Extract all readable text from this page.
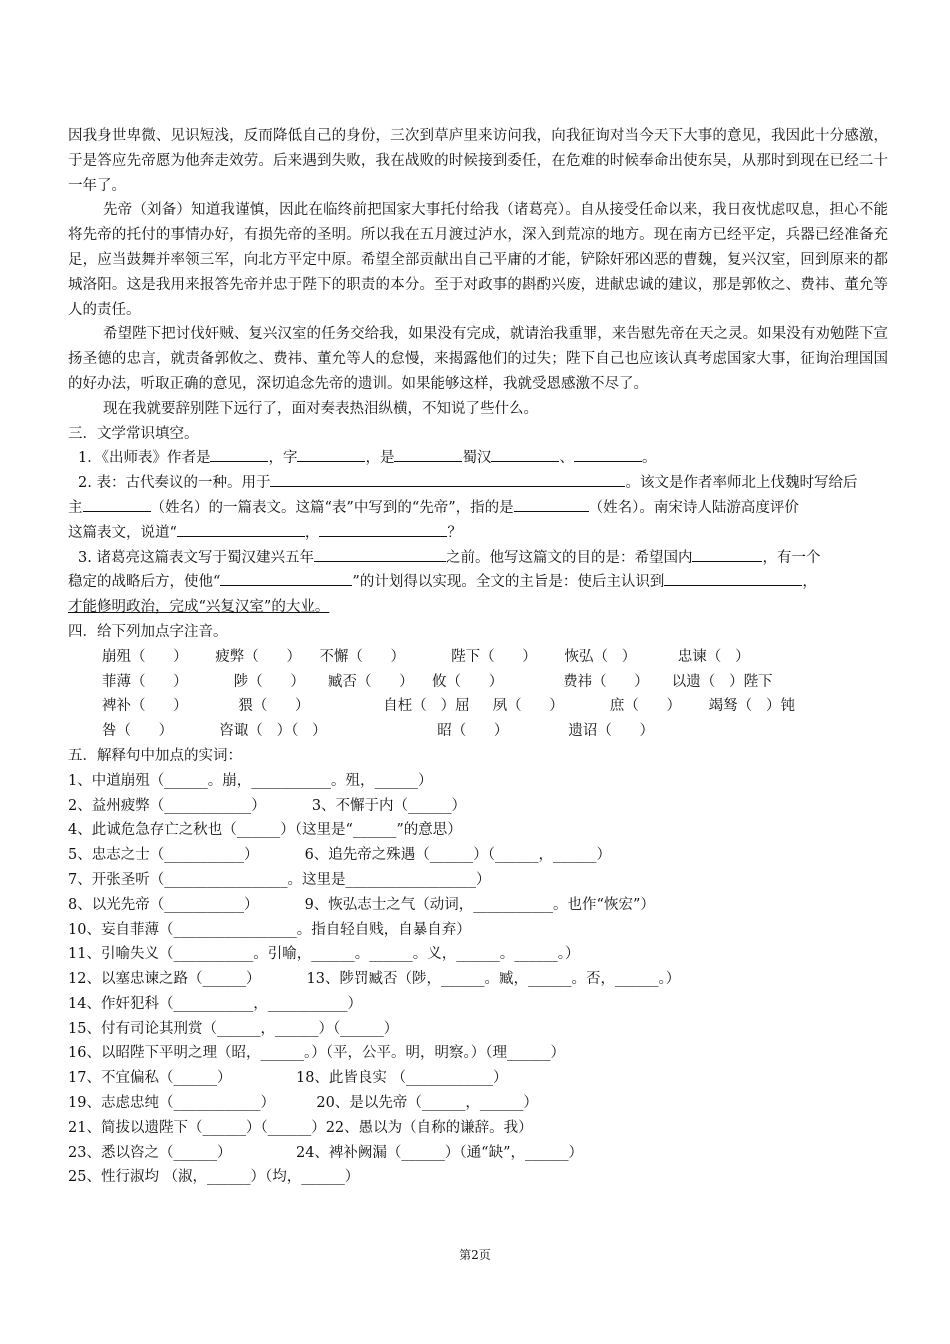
因我身世卑微、见识短浅，反而降低自己的身份，三次到草庐里来访问我，向我征询对当今天下大事的意见，我因此十分感激，于是答应先帝愿为他奔走效劳。后来遇到失败，我在战败的时候接到委任，在危难的时候奉命出使东吴，从那时到现在已经二十一年了。
先帝（刘备）知道我谨慎，因此在临终前把国家大事托付给我（诸葛亮）。自从接受任命以来，我日夜忧虑叹息，担心不能将先帝的托付的事情办好，有损先帝的圣明。所以我在五月渡过泸水，深入到荒凉的地方。现在南方已经平定，兵器已经准备充足，应当鼓舞并率领三军，向北方平定中原。希望全部贡献出自己平庸的才能，铲除奸邪凶恶的曹魏，复兴汉室，回到原来的都城洛阳。这是我用来报答先帝并忠于陛下的职责的本分。至于对政事的斟酌兴废，进献忠诚的建议，那是郭攸之、费祎、董允等人的责任。
希望陛下把讨伐奸贼、复兴汉室的任务交给我，如果没有完成，就请治我重罪，来告慰先帝在天之灵。如果没有劝勉陛下宣扬圣德的忠言，就责备郭攸之、费祎、董允等人的怠慢，来揭露他们的过失；陛下自己也应该认真考虑国家大事，征询治理国国的好办法，听取正确的意见，深切追念先帝的遗训。如果能够这样，我就受恩感激不尽了。
现在我就要辞别陛下远行了，面对奏表热泪纵横，不知说了些什么。
三．文学常识填空。
1．《出师表》作者是	，字	，是	蜀汉	、	。
2. 表：古代奏议的一种。用于	。该文是作者率师北上伐魏时写给后
主	（姓名）的一篇表文。这篇“表”中写到的“先帝”，指的是	（姓名）。南宋诗人陆游高度评价
这篇表文，说道“	，	？
3. 诸葛亮这篇表文写于蜀汉建兴五年	之前。他写这篇文的目的是：希望国内	，有一个
稳定的战略后方，使他“	”的计划得以实现。全文的主旨是：使后主认识到	，
才能修明政治，完成“兴复汉室”的大业。
四．给下列加点字注音。
崩殂（      ）      疲弊（      ）    不懈（      ）          陛下（      ）      恢弘（   ）         忠谏（   ）
菲薄（      ）          陟（      ）     臧否（      ）    攸（      ）             费祎（      ）     以遗（   ）陛下
裨补（      ）           猥（      ）                自枉（   ）屈     夙（      ）          庶（      ）      竭驽（   ）钝
咎（      ）          咨诹（   ）（   ）                        昭（      ）             遗诏（      ）
五．解释句中加点的实词：
1、中道崩殂（______。崩，___________。殂，______）
2、益州疲弊（____________）          3、不懈于内（______）
4、此诚危急存亡之秋也（______）（这里是“______”的意思）
5、忠志之士（___________）          6、追先帝之殊遇（______）（______，______）
7、开张圣听（_________________。这里是__________________）
8、以光先帝（___________）          9、恢弘志士之气（动词，___________。也作“恢宏”）
10、妄自菲薄（_________________。指自轻自贱，自暴自弃）
11、引喻失义（___________。引喻，______。______。义，______。______。）
12、以塞忠谏之路（______）          13、陟罚臧否（陟，______。臧，______。否，______。）
14、作奸犯科（___________，___________）
15、付有司论其刑赏（______，______）（______）
16、以昭陛下平明之理（昭，______。）（平，公平。明，明察。）（理______）
17、不宜偏私（______）              18、此皆良实 （____________）
19、志虑忠纯（____________）         20、是以先帝（______，______）
21、简拔以遗陛下（______）（______）22、愚以为（自称的谦辞。我）
23、悉以咨之（______）              24、裨补阙漏（______）（通“缺”，______）
25、性行淑均 （淑，______）（均，______）
第2页
